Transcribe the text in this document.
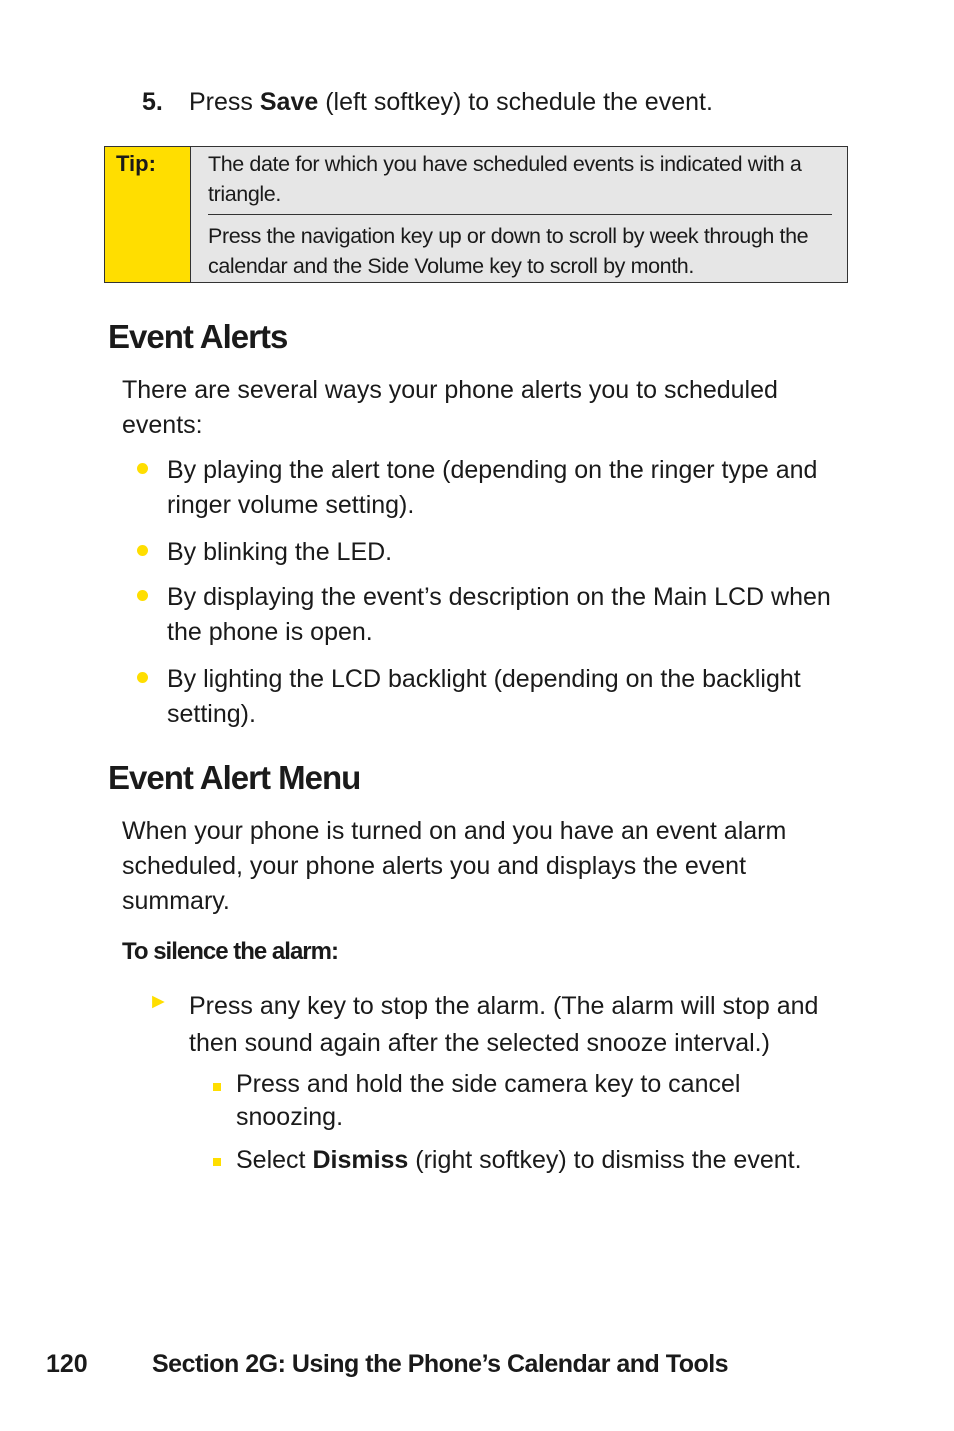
5. Press Save (left softkey) to schedule the event.
Tip: The date for which you have scheduled events is indicated with a triangle.
Press the navigation key up or down to scroll by week through the calendar and the Side Volume key to scroll by month.
Event Alerts
There are several ways your phone alerts you to scheduled events:
By playing the alert tone (depending on the ringer type and ringer volume setting).
By blinking the LED.
By displaying the event’s description on the Main LCD when the phone is open.
By lighting the LCD backlight (depending on the backlight setting).
Event Alert Menu
When your phone is turned on and you have an event alarm scheduled, your phone alerts you and displays the event summary.
To silence the alarm:
► Press any key to stop the alarm. (The alarm will stop and then sound again after the selected snooze interval.)
Press and hold the side camera key to cancel snoozing.
Select Dismiss (right softkey) to dismiss the event.
120	Section 2G: Using the Phone’s Calendar and Tools
